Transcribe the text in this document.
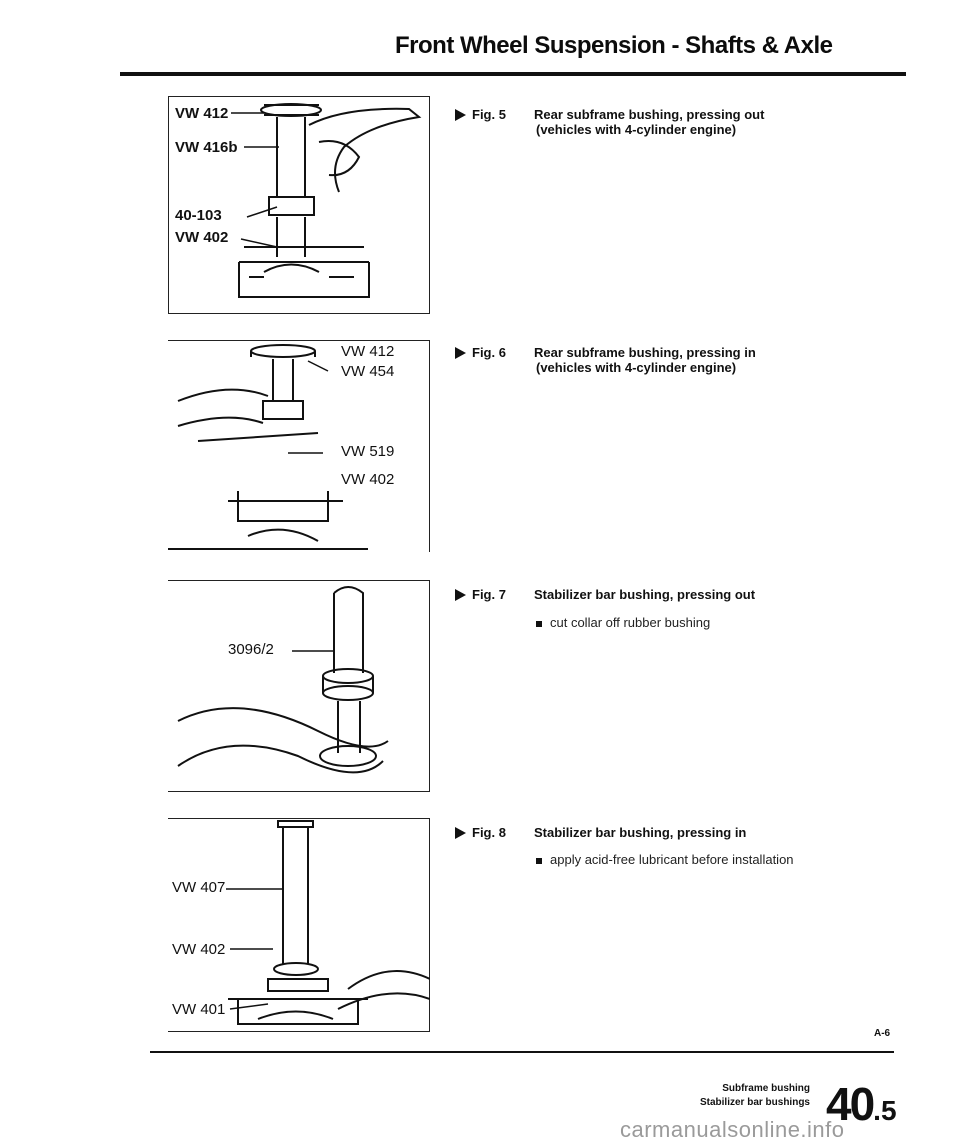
Front Wheel Suspension - Shafts & Axle
VW 412
VW 416b
40-103
VW 402
Fig. 5 Rear subframe bushing, pressing out
(vehicles with 4-cylinder engine)
VW 412
VW 454
VW 519
VW 402
Fig. 6 Rear subframe bushing, pressing in
(vehicles with 4-cylinder engine)
3096/2
Fig. 7 Stabilizer bar bushing, pressing out
cut collar off rubber bushing
VW 407
VW 402
VW 401
Fig. 8 Stabilizer bar bushing, pressing in
apply acid-free lubricant before installation
A-6
Subframe bushing
Stabilizer bar bushings 40.5
carmanualsonline.info
